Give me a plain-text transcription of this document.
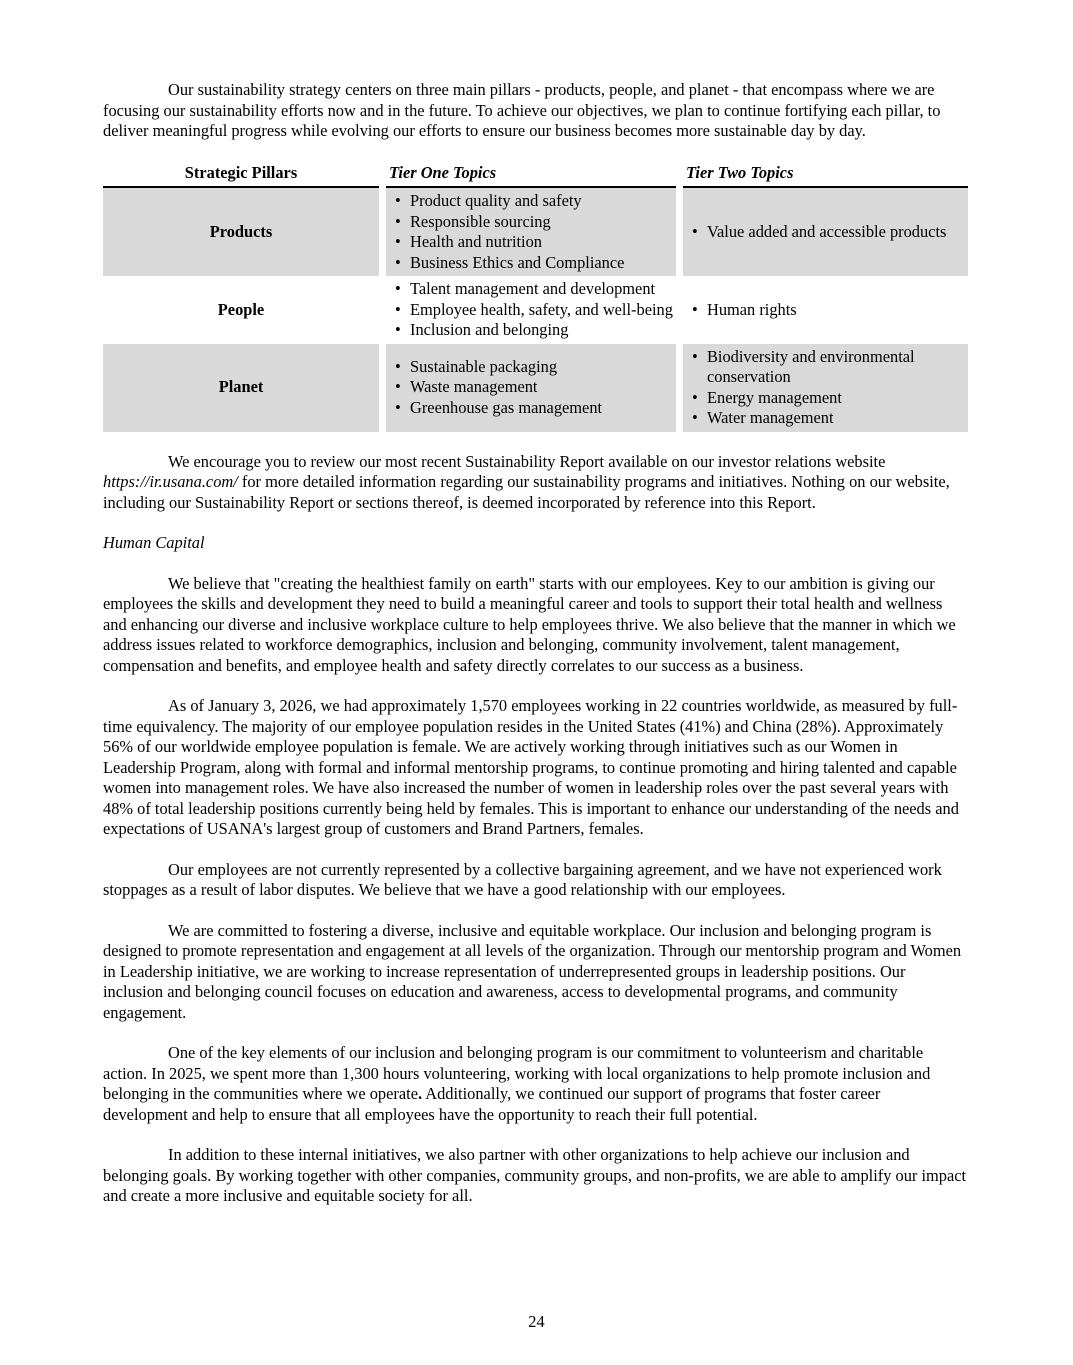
Our sustainability strategy centers on three main pillars - products, people, and planet - that encompass where we are focusing our sustainability efforts now and in the future. To achieve our objectives, we plan to continue fortifying each pillar, to deliver meaningful progress while evolving our efforts to ensure our business becomes more sustainable day by day.

Strategic Pillars	Tier One Topics	Tier Two Topics
Products
• Product quality and safety
• Responsible sourcing
• Health and nutrition
• Business Ethics and Compliance
• Value added and accessible products
People
• Talent management and development
• Employee health, safety, and well-being
• Inclusion and belonging
• Human rights
Planet
• Sustainable packaging
• Waste management
• Greenhouse gas management
• Biodiversity and environmental conservation
• Energy management
• Water management

We encourage you to review our most recent Sustainability Report available on our investor relations website https://ir.usana.com/ for more detailed information regarding our sustainability programs and initiatives. Nothing on our website, including our Sustainability Report or sections thereof, is deemed incorporated by reference into this Report.

Human Capital

We believe that "creating the healthiest family on earth" starts with our employees. Key to our ambition is giving our employees the skills and development they need to build a meaningful career and tools to support their total health and wellness and enhancing our diverse and inclusive workplace culture to help employees thrive. We also believe that the manner in which we address issues related to workforce demographics, inclusion and belonging, community involvement, talent management, compensation and benefits, and employee health and safety directly correlates to our success as a business.

As of January 3, 2026, we had approximately 1,570 employees working in 22 countries worldwide, as measured by full-time equivalency. The majority of our employee population resides in the United States (41%) and China (28%). Approximately 56% of our worldwide employee population is female. We are actively working through initiatives such as our Women in Leadership Program, along with formal and informal mentorship programs, to continue promoting and hiring talented and capable women into management roles. We have also increased the number of women in leadership roles over the past several years with 48% of total leadership positions currently being held by females. This is important to enhance our understanding of the needs and expectations of USANA's largest group of customers and Brand Partners, females.

Our employees are not currently represented by a collective bargaining agreement, and we have not experienced work stoppages as a result of labor disputes. We believe that we have a good relationship with our employees.

We are committed to fostering a diverse, inclusive and equitable workplace. Our inclusion and belonging program is designed to promote representation and engagement at all levels of the organization. Through our mentorship program and Women in Leadership initiative, we are working to increase representation of underrepresented groups in leadership positions. Our inclusion and belonging council focuses on education and awareness, access to developmental programs, and community engagement.

One of the key elements of our inclusion and belonging program is our commitment to volunteerism and charitable action. In 2025, we spent more than 1,300 hours volunteering, working with local organizations to help promote inclusion and belonging in the communities where we operate. Additionally, we continued our support of programs that foster career development and help to ensure that all employees have the opportunity to reach their full potential.

In addition to these internal initiatives, we also partner with other organizations to help achieve our inclusion and belonging goals. By working together with other companies, community groups, and non-profits, we are able to amplify our impact and create a more inclusive and equitable society for all.

24
